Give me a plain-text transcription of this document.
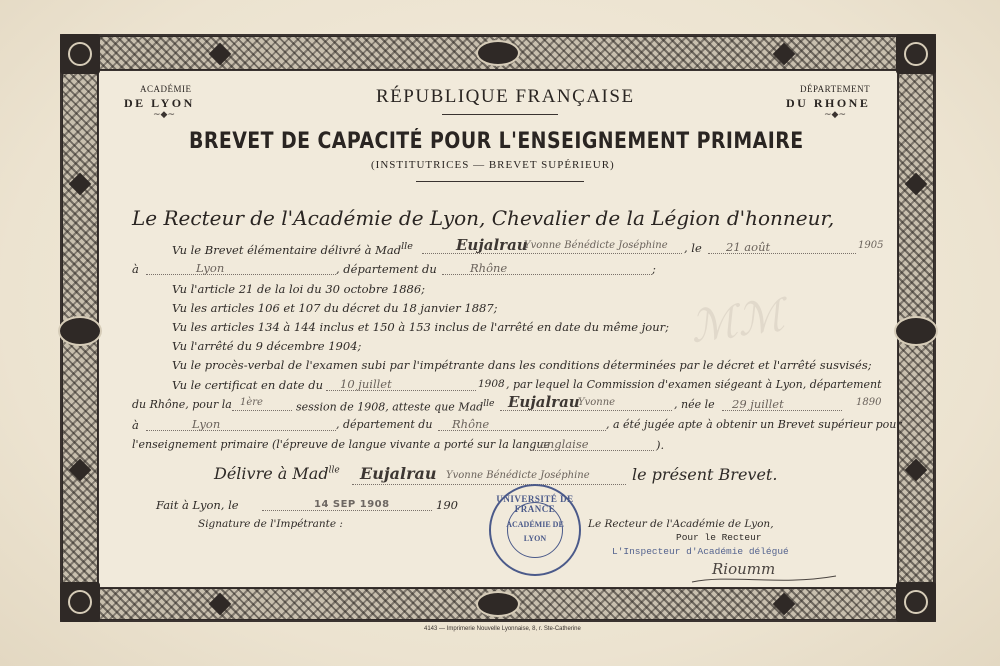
ℳℳ
ACADÉMIE
DE LYON
~◆~
DÉPARTEMENT
DU RHONE
~◆~
RÉPUBLIQUE FRANÇAISE
BREVET DE CAPACITÉ POUR L'ENSEIGNEMENT PRIMAIRE
(INSTITUTRICES — BREVET SUPÉRIEUR)
Le Recteur de l'Académie de Lyon, Chevalier de la Légion d'honneur,
Vu le Brevet élémentaire délivré à Mad$^{lle}$	Eujalrau
Yvonne Bénédicte Joséphine , le 21 août	1905
à	Lyon	, département du	Rhône	;
Vu l'article 21 de la loi du 30 octobre 1886;
Vu les articles 106 et 107 du décret du 18 janvier 1887;
Vu les articles 134 à 144 inclus et 150 à 153 inclus de l'arrêté en date du même jour;
Vu l'arrêté du 9 décembre 1904;
Vu le procès-verbal de l'examen subi par l'impétrante dans les conditions déterminées par le décret et l'arrêté susvisés;
Vu le certificat en date du 10 juillet	1908 , par lequel la Commission d'examen siégeant à Lyon, département
du Rhône, pour la 1ère	session de 1908, atteste que Mad$^{lle}$ Eujalrau
Yvonne	, née le 29 juillet	1890
à	Lyon	, département du Rhône	, a été jugée apte à obtenir un Brevet supérieur pour
l'enseignement primaire (l'épreuve de langue vivante a porté sur la langue
anglaise	).
Délivre à Mad$^{lle}$ Eujalrau Yvonne Bénédicte Joséphine	le présent Brevet.
Fait à Lyon, le	14 SEP 1908	190
Signature de l'Impétrante :
UNIVERSITÉ DE FRANCE
ACADÉMIE DE
LYON
Le Recteur de l'Académie de Lyon,
Pour le Recteur
L'Inspecteur d'Académie délégué
Rioumm
4143 — Imprimerie Nouvelle Lyonnaise, 8, r. Ste-Catherine
